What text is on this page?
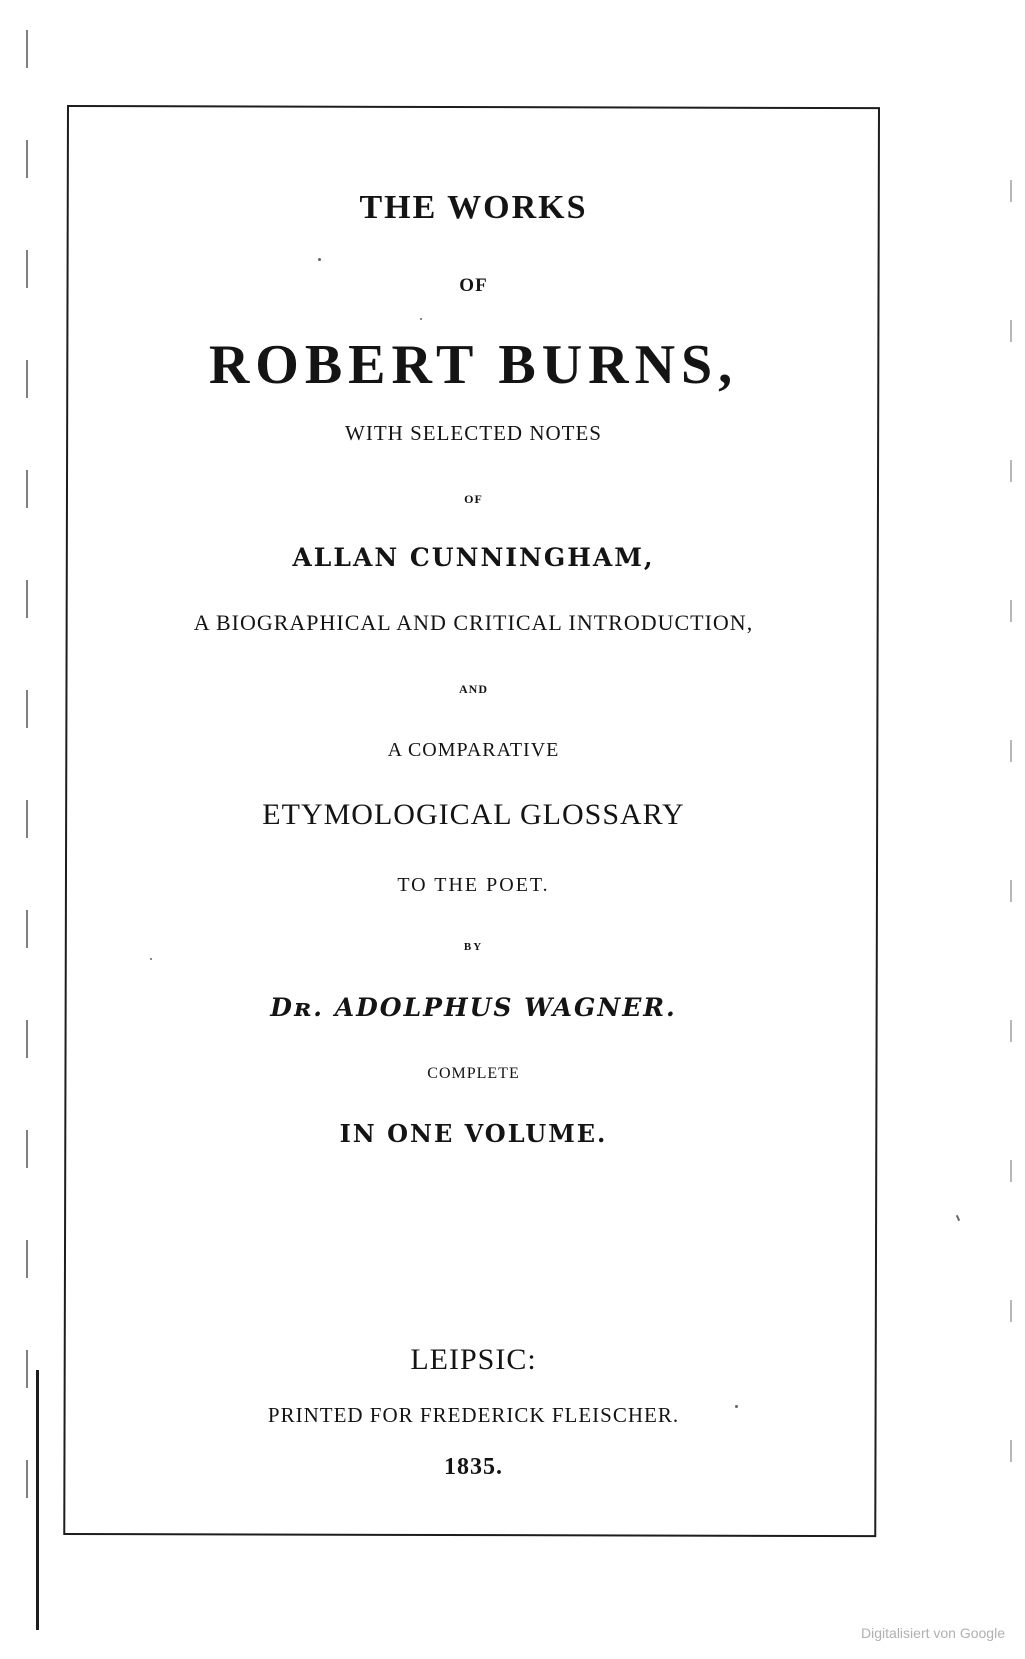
THE WORKS
OF
ROBERT BURNS,
WITH SELECTED NOTES
OF
ALLAN CUNNINGHAM,
A BIOGRAPHICAL AND CRITICAL INTRODUCTION,
AND
A COMPARATIVE
ETYMOLOGICAL GLOSSARY
TO THE POET.
BY
Dʀ. ADOLPHUS WAGNER.
COMPLETE
IN ONE VOLUME.
LEIPSIC:
PRINTED FOR FREDERICK FLEISCHER.
1835.
Digitalisiert von Google
